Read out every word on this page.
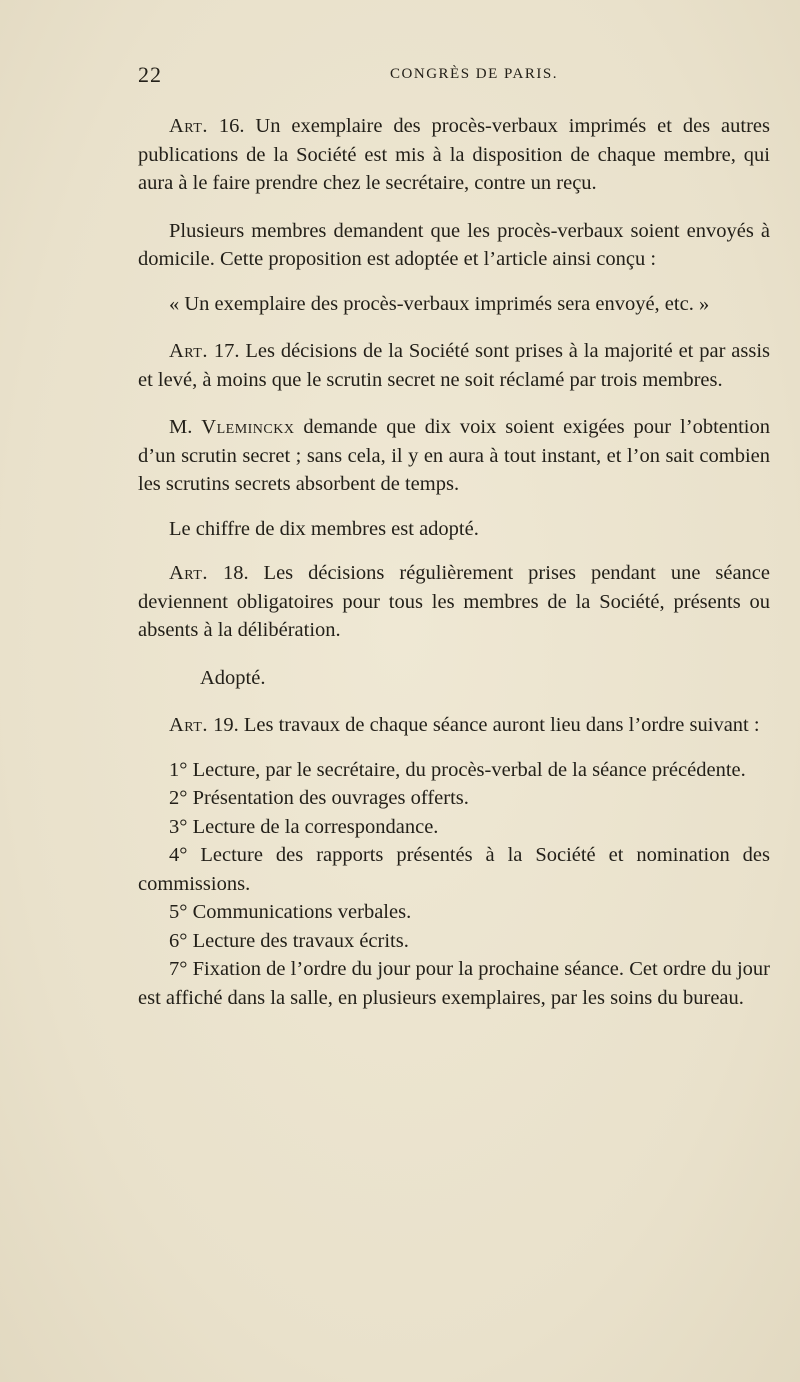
22	CONGRÈS DE PARIS.

Art. 16. Un exemplaire des procès-verbaux imprimés et des autres publications de la Société est mis à la disposition de chaque membre, qui aura à le faire prendre chez le secrétaire, contre un reçu.

Plusieurs membres demandent que les procès-verbaux soient envoyés à domicile. Cette proposition est adoptée et l’article ainsi conçu :

« Un exemplaire des procès-verbaux imprimés sera envoyé, etc. »

Art. 17. Les décisions de la Société sont prises à la majorité et par assis et levé, à moins que le scrutin secret ne soit réclamé par trois membres.

M. Vleminckx demande que dix voix soient exigées pour l’obtention d’un scrutin secret ; sans cela, il y en aura à tout instant, et l’on sait combien les scrutins secrets absorbent de temps.

Le chiffre de dix membres est adopté.

Art. 18. Les décisions régulièrement prises pendant une séance deviennent obligatoires pour tous les membres de la Société, présents ou absents à la délibération.

Adopté.

Art. 19. Les travaux de chaque séance auront lieu dans l’ordre suivant :

1° Lecture, par le secrétaire, du procès-verbal de la séance précédente.

2° Présentation des ouvrages offerts.

3° Lecture de la correspondance.

4° Lecture des rapports présentés à la Société et nomination des commissions.

5° Communications verbales.

6° Lecture des travaux écrits.

7° Fixation de l’ordre du jour pour la prochaine séance. Cet ordre du jour est affiché dans la salle, en plusieurs exemplaires, par les soins du bureau.
